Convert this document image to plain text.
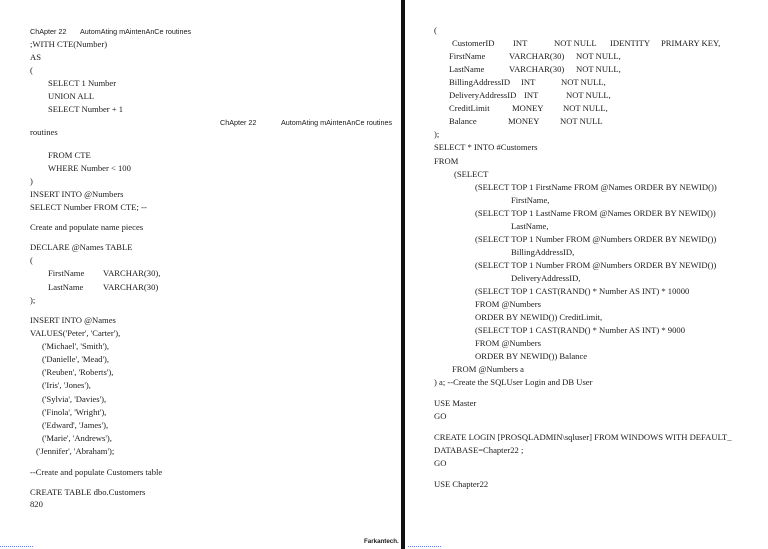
ChApter 22 AutomAting mAintenAnCe routines
;WITH CTE(Number)
AS
(
SELECT 1 Number
UNION ALL
SELECT Number + 1
ChApter 22	AutomAting mAintenAnCe routines
routines
FROM CTE
WHERE Number < 100
)
INSERT INTO @Numbers
SELECT Number FROM CTE; --
Create and populate name pieces
DECLARE @Names TABLE
(
FirstName VARCHAR(30),
LastName VARCHAR(30)
);
INSERT INTO @Names
VALUES('Peter', 'Carter'),
('Michael', 'Smith'),
('Danielle', 'Mead'),
('Reuben', 'Roberts'),
('Iris', 'Jones'),
('Sylvia', 'Davies'),
('Finola', 'Wright'),
('Edward', 'James'),
('Marie', 'Andrews'),
('Jennifer', 'Abraham');
--Create and populate Customers table
CREATE TABLE dbo.Customers
820
Farkantech.
(
CustomerID INT	NOT NULL IDENTITY PRIMARY KEY,
FirstName	VARCHAR(30) NOT NULL,
LastName	VARCHAR(30) NOT NULL,
BillingAddressID INT	NOT NULL,
DeliveryAddressID INT	NOT NULL,
CreditLimit	MONEY NOT NULL,
Balance	MONEY NOT NULL
);
SELECT * INTO #Customers
FROM
(SELECT
(SELECT TOP 1 FirstName FROM @Names ORDER BY NEWID())
FirstName,
(SELECT TOP 1 LastName FROM @Names ORDER BY NEWID())
LastName,
(SELECT TOP 1 Number FROM @Numbers ORDER BY NEWID())
BillingAddressID,
(SELECT TOP 1 Number FROM @Numbers ORDER BY NEWID())
DeliveryAddressID,
(SELECT TOP 1 CAST(RAND() * Number AS INT) * 10000
FROM @Numbers
ORDER BY NEWID()) CreditLimit,
(SELECT TOP 1 CAST(RAND() * Number AS INT) * 9000
FROM @Numbers
ORDER BY NEWID()) Balance
FROM @Numbers a
) a; --Create the SQLUser Login and DB User
USE Master
GO
CREATE LOGIN [PROSQLADMIN\sqluser] FROM WINDOWS WITH DEFAULT_
DATABASE=Chapter22 ;
GO
USE Chapter22
